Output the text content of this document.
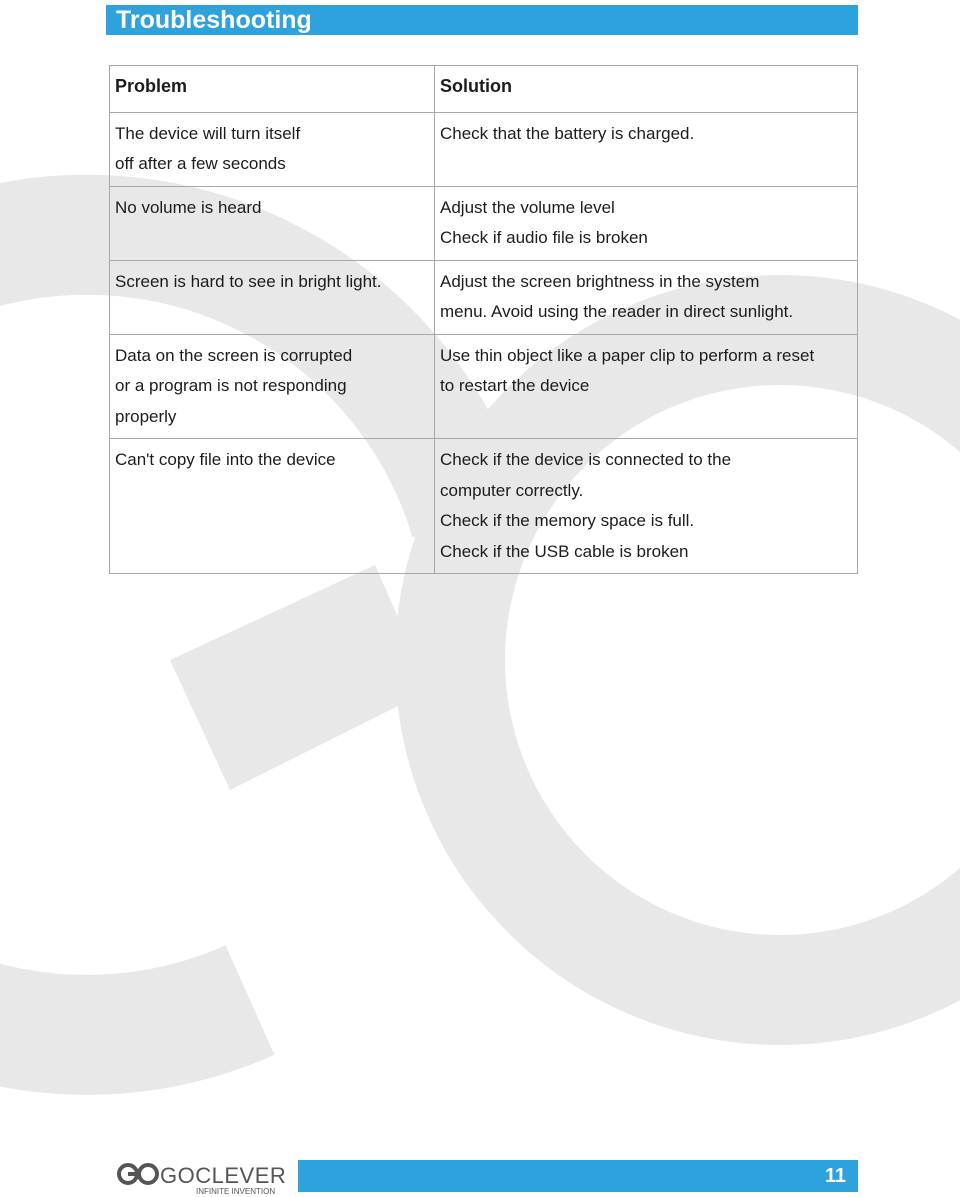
Troubleshooting
Problem	Solution

The device will turn itself
off after a few seconds	Check that the battery is charged.

No volume is heard	Adjust the volume level
Check if audio file is broken

Screen is hard to see in bright light.	Adjust the screen brightness in the system
menu. Avoid using the reader in direct sunlight.

Data on the screen is corrupted
or a program is not responding
properly	Use thin object like a paper clip to perform a reset
to restart the device

Can't copy file into the device	Check if the device is connected to the
computer correctly.
Check if the memory space is full.
Check if the USB cable is broken
GOCLEVER
INFINITE INVENTION
11
